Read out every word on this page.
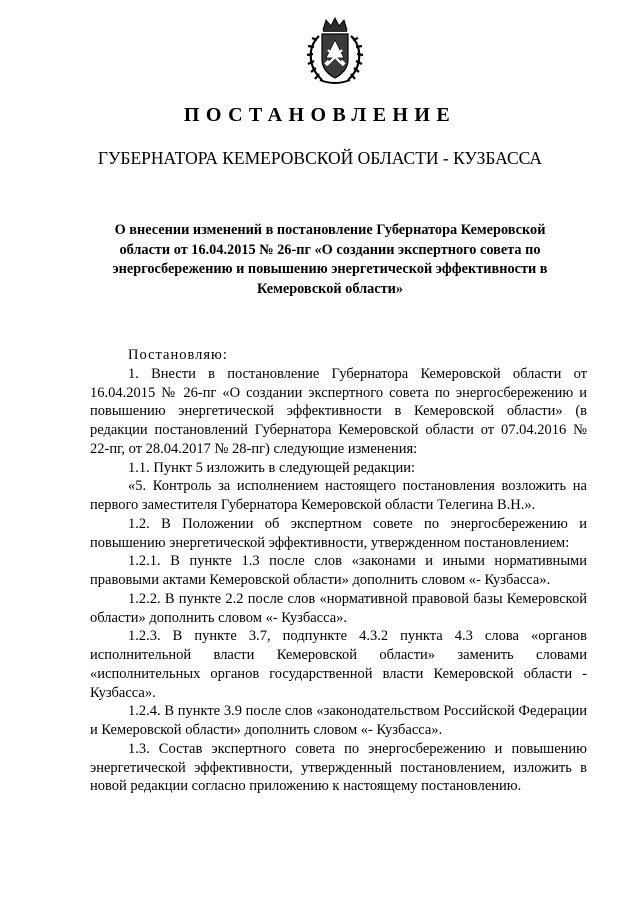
ПОСТАНОВЛЕНИЕ
ГУБЕРНАТОРА КЕМЕРОВСКОЙ ОБЛАСТИ - КУЗБАССА
О внесении изменений в постановление Губернатора Кемеровской области от 16.04.2015 № 26-пг «О создании экспертного совета по энергосбережению и повышению энергетической эффективности в Кемеровской области»

Постановляю:

1. Внести в постановление Губернатора Кемеровской области от 16.04.2015 № 26-пг «О создании экспертного совета по энергосбережению и повышению энергетической эффективности в Кемеровской области» (в редакции постановлений Губернатора Кемеровской области от 07.04.2016 № 22-пг, от 28.04.2017 № 28-пг) следующие изменения:

1.1. Пункт 5 изложить в следующей редакции:

«5. Контроль за исполнением настоящего постановления возложить на первого заместителя Губернатора Кемеровской области Телегина В.Н.».

1.2. В Положении об экспертном совете по энергосбережению и повышению энергетической эффективности, утвержденном постановлением:

1.2.1. В пункте 1.3 после слов «законами и иными нормативными правовыми актами Кемеровской области» дополнить словом «- Кузбасса».

1.2.2. В пункте 2.2 после слов «нормативной правовой базы Кемеровской области» дополнить словом «- Кузбасса».

1.2.3. В пункте 3.7, подпункте 4.3.2 пункта 4.3 слова «органов исполнительной власти Кемеровской области» заменить словами «исполнительных органов государственной власти Кемеровской области - Кузбасса».

1.2.4. В пункте 3.9 после слов «законодательством Российской Федерации и Кемеровской области» дополнить словом «- Кузбасса».

1.3. Состав экспертного совета по энергосбережению и повышению энергетической эффективности, утвержденный постановлением, изложить в новой редакции согласно приложению к настоящему постановлению.
